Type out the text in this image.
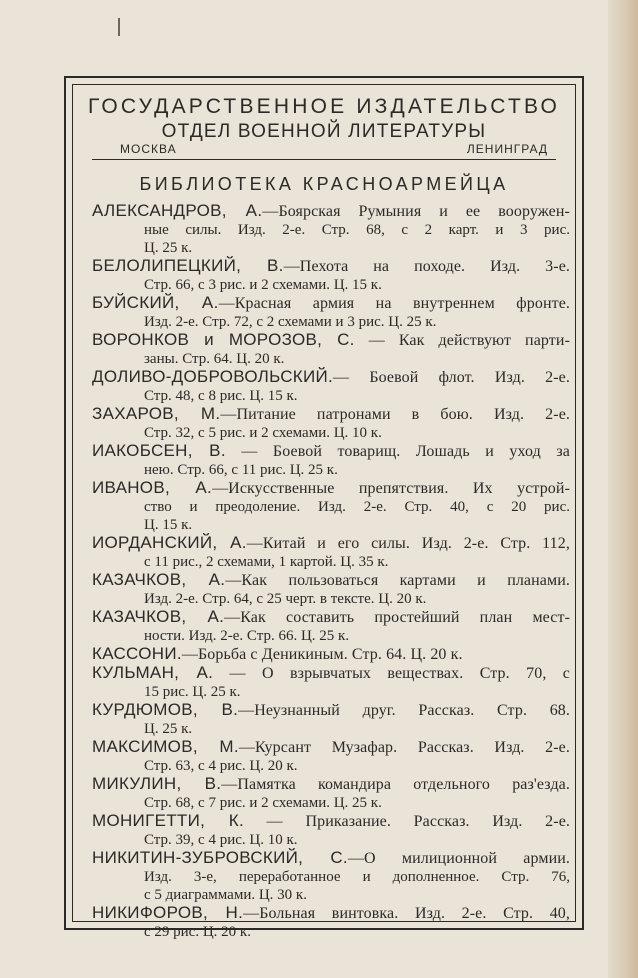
ГОСУДАРСТВЕННОЕ ИЗДАТЕЛЬСТВО

ОТДЕЛ ВОЕННОЙ ЛИТЕРАТУРЫ

МОСКВА	ЛЕНИНГРАД

БИБЛИОТЕКА КРАСНОАРМЕЙЦА

АЛЕКСАНДРОВ, А.—Боярская Румыния и ее вооружен-
ные силы. Изд. 2-е. Стр. 68, с 2 карт. и 3 рис.
Ц. 25 к.

БЕЛОЛИПЕЦКИЙ, В.—Пехота на походе. Изд. 3-е.
Стр. 66, с 3 рис. и 2 схемами. Ц. 15 к.

БУЙСКИЙ, А.—Красная армия на внутреннем фронте.
Изд. 2-е. Стр. 72, с 2 схемами и 3 рис. Ц. 25 к.

ВОРОНКОВ и МОРОЗОВ, С. — Как действуют парти-
заны. Стр. 64. Ц. 20 к.

ДОЛИВО-ДОБРОВОЛЬСКИЙ.— Боевой флот. Изд. 2-е.
Стр. 48, с 8 рис. Ц. 15 к.

ЗАХАРОВ, М.—Питание патронами в бою. Изд. 2-е.
Стр. 32, с 5 рис. и 2 схемами. Ц. 10 к.

ИАКОБСЕН, В. — Боевой товарищ. Лошадь и уход за
нею. Стр. 66, с 11 рис. Ц. 25 к.

ИВАНОВ, А.—Искусственные препятствия. Их устрой-
ство и преодоление. Изд. 2-е. Стр. 40, с 20 рис.
Ц. 15 к.

ИОРДАНСКИЙ, А.—Китай и его силы. Изд. 2-е. Стр. 112,
с 11 рис., 2 схемами, 1 картой. Ц. 35 к.

КАЗАЧКОВ, А.—Как пользоваться картами и планами.
Изд. 2-е. Стр. 64, с 25 черт. в тексте. Ц. 20 к.

КАЗАЧКОВ, А.—Как составить простейший план мест-
ности. Изд. 2-е. Стр. 66. Ц. 25 к.

КАССОНИ.—Борьба с Деникиным. Стр. 64. Ц. 20 к.

КУЛЬМАН, А. — О взрывчатых веществах. Стр. 70, с
15 рис. Ц. 25 к.

КУРДЮМОВ, В.—Неузнанный друг. Рассказ. Стр. 68.
Ц. 25 к.

МАКСИМОВ, М.—Курсант Музафар. Рассказ. Изд. 2-е.
Стр. 63, с 4 рис. Ц. 20 к.

МИКУЛИН, В.—Памятка командира отдельного раз'езда.
Стр. 68, с 7 рис. и 2 схемами. Ц. 25 к.

МОНИГЕТТИ, К. — Приказание. Рассказ. Изд. 2-е.
Стр. 39, с 4 рис. Ц. 10 к.

НИКИТИН-ЗУБРОВСКИЙ, С.—О милиционной армии.
Изд. 3-е, переработанное и дополненное. Стр. 76,
с 5 диаграммами. Ц. 30 к.

НИКИФОРОВ, Н.—Больная винтовка. Изд. 2-е. Стр. 40,
с 29 рис. Ц. 20 к.
